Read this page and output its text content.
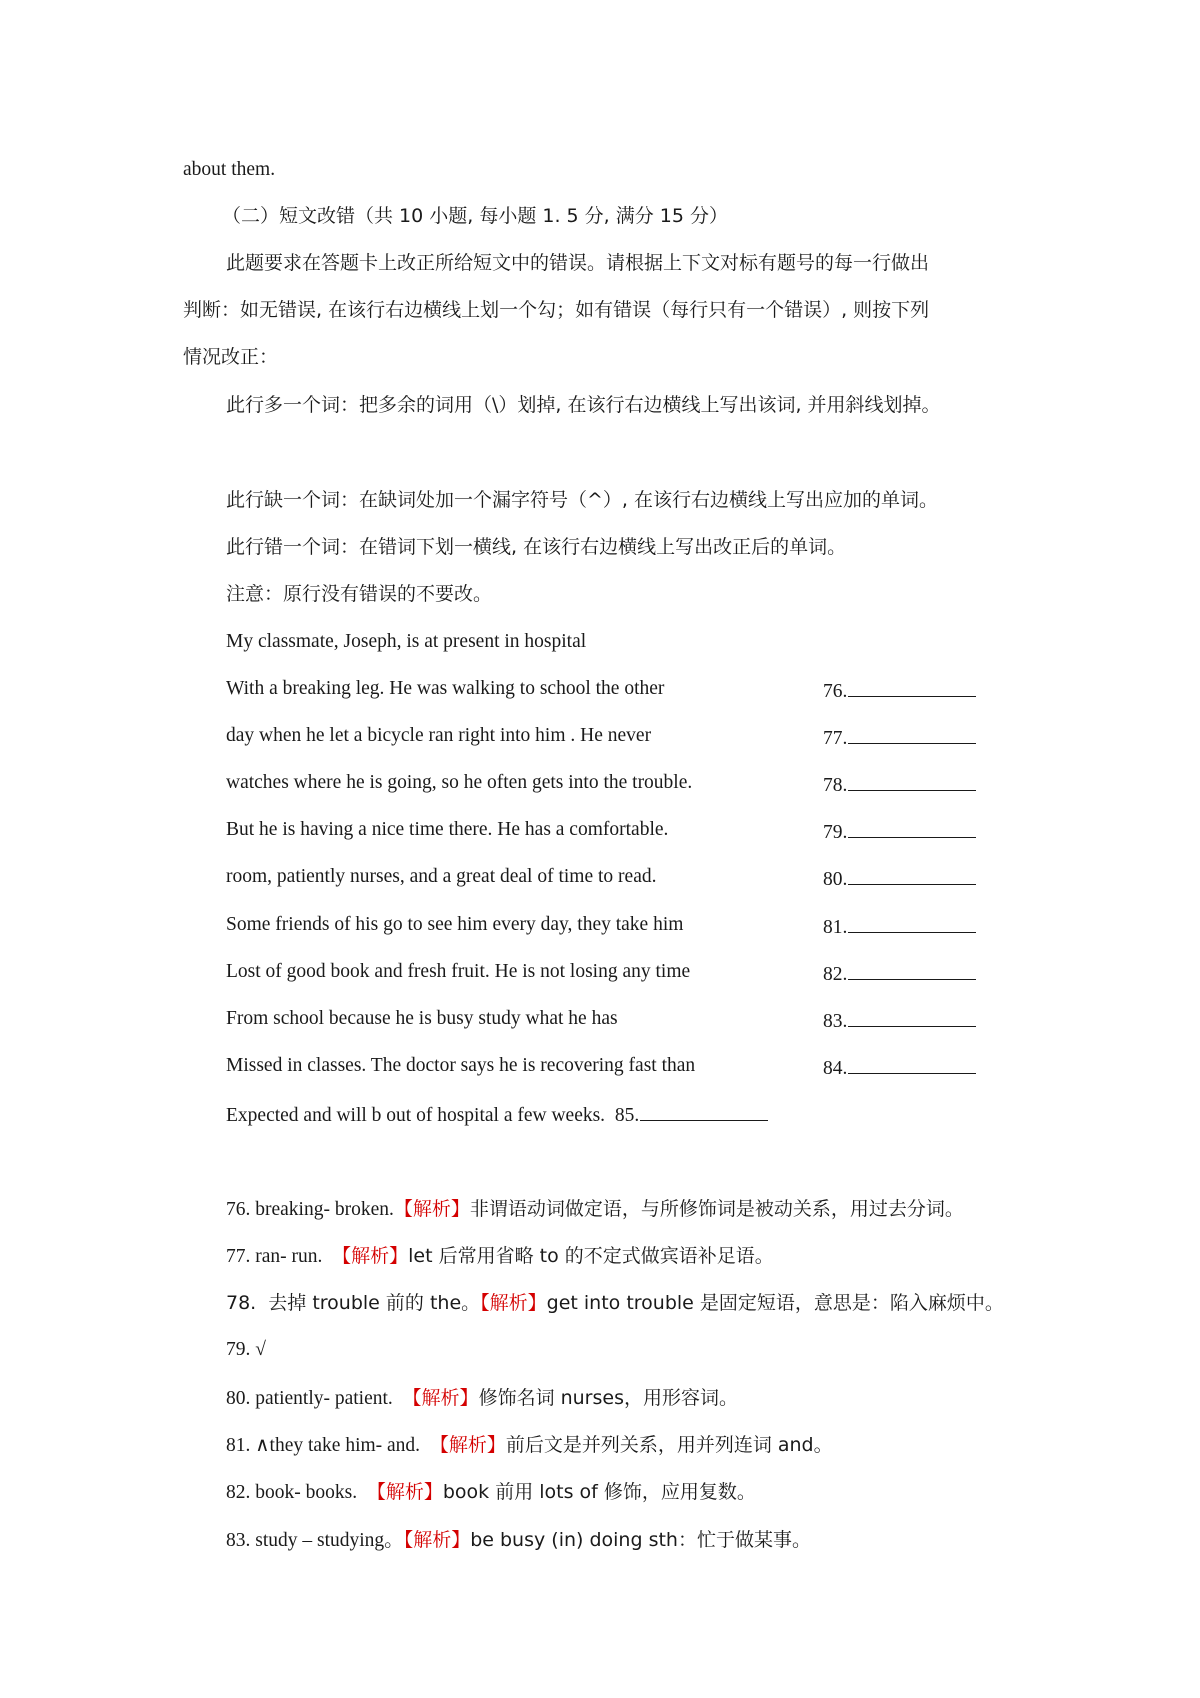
about them.
（二）短文改错（共 10 小题, 每小题 1. 5 分, 满分 15 分）
此题要求在答题卡上改正所给短文中的错误。请根据上下文对标有题号的每一行做出
判断：如无错误, 在该行右边横线上划一个勾；如有错误（每行只有一个错误）, 则按下列
情况改正：
此行多一个词：把多余的词用（\）划掉, 在该行右边横线上写出该词, 并用斜线划掉。
此行缺一个词：在缺词处加一个漏字符号（^）, 在该行右边横线上写出应加的单词。
此行错一个词：在错词下划一横线, 在该行右边横线上写出改正后的单词。
注意：原行没有错误的不要改。
My classmate, Joseph, is at present in hospital
With a breaking leg. He was walking to school the other	76.
day when he let a bicycle ran right into him . He never	77.
watches where he is going, so he often gets into the trouble.	78.
But he is having a nice time there. He has a comfortable.	79.
room, patiently nurses, and a great deal of time to read.	80.
Some friends of his go to see him every day, they take him	81.
Lost of good book and fresh fruit. He is not losing any time	82.
From school because he is busy study what he has	83.
Missed in classes. The doctor says he is recovering fast than	84.
Expected and will b out of hospital a few weeks. 85.
76. breaking- broken.【解析】非谓语动词做定语，与所修饰词是被动关系，用过去分词。
77. ran- run.  【解析】let 后常用省略 to 的不定式做宾语补足语。
78.  去掉 trouble 前的 the。【解析】get into trouble 是固定短语，意思是：陷入麻烦中。
79. √
80. patiently- patient.  【解析】修饰名词 nurses，用形容词。
81. ∧they take him- and.  【解析】前后文是并列关系，用并列连词 and。
82. book- books.  【解析】book 前用 lots of 修饰，应用复数。
83. study – studying。【解析】be busy (in) doing sth：忙于做某事。
